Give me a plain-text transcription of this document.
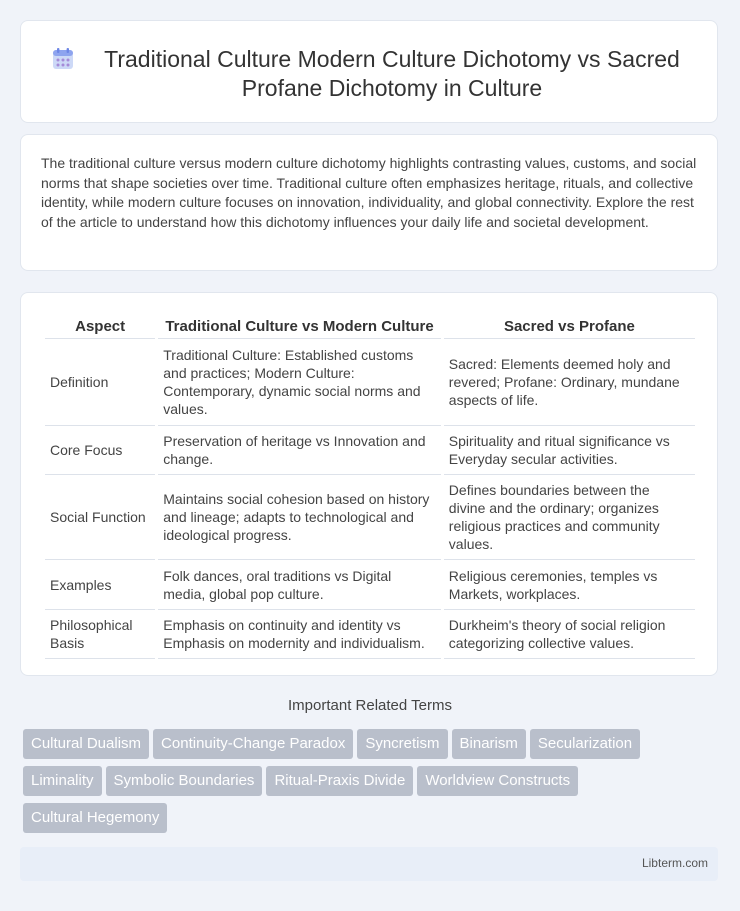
Traditional Culture Modern Culture Dichotomy vs Sacred Profane Dichotomy in Culture
The traditional culture versus modern culture dichotomy highlights contrasting values, customs, and social norms that shape societies over time. Traditional culture often emphasizes heritage, rituals, and collective identity, while modern culture focuses on innovation, individuality, and global connectivity. Explore the rest of the article to understand how this dichotomy influences your daily life and societal development.
Aspect	Traditional Culture vs Modern Culture	Sacred vs Profane
Definition	Traditional Culture: Established customs and practices; Modern Culture: Contemporary, dynamic social norms and values.	Sacred: Elements deemed holy and revered; Profane: Ordinary, mundane aspects of life.
Core Focus	Preservation of heritage vs Innovation and change.	Spirituality and ritual significance vs Everyday secular activities.
Social Function	Maintains social cohesion based on history and lineage; adapts to technological and ideological progress.	Defines boundaries between the divine and the ordinary; organizes religious practices and community values.
Examples	Folk dances, oral traditions vs Digital media, global pop culture.	Religious ceremonies, temples vs Markets, workplaces.
Philosophical Basis	Emphasis on continuity and identity vs Emphasis on modernity and individualism.	Durkheim's theory of social religion categorizing collective values.
Important Related Terms
Cultural Dualism Continuity-Change Paradox Syncretism Binarism Secularization
Liminality Symbolic Boundaries Ritual-Praxis Divide Worldview Constructs
Cultural Hegemony
Libterm.com
